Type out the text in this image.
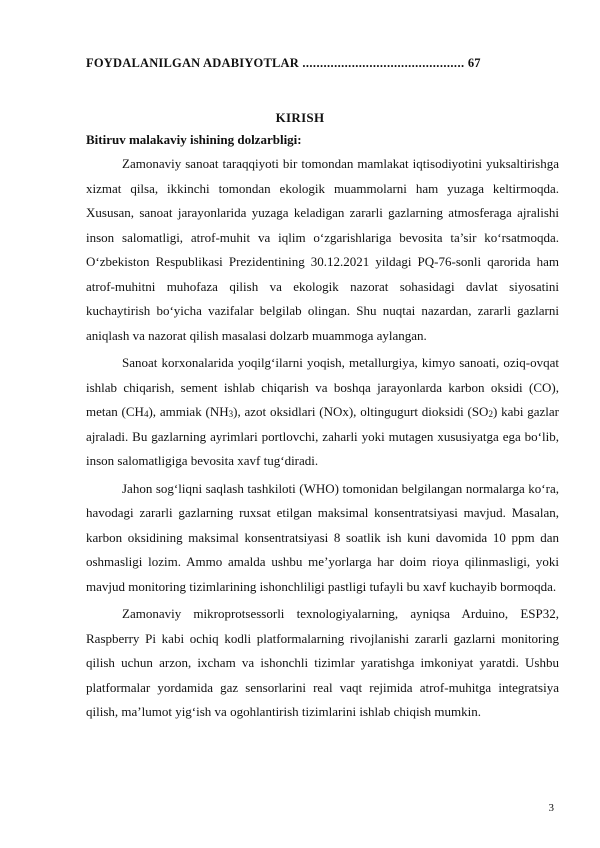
FOYDALANILGAN ADABIYOTLAR .............................................. 67
KIRISH
Bitiruv malakaviy ishining dolzarbligi:

Zamonaviy sanoat taraqqiyoti bir tomondan mamlakat iqtisodiyotini yuksaltirishga xizmat qilsa, ikkinchi tomondan ekologik muammolarni ham yuzaga keltirmoqda. Xususan, sanoat jarayonlarida yuzaga keladigan zararli gazlarning atmosferaga ajralishi inson salomatligi, atrof-muhit va iqlim o‘zgarishlariga bevosita ta’sir ko‘rsatmoqda. O‘zbekiston Respublikasi Prezidentining 30.12.2021 yildagi PQ-76-sonli qarorida ham atrof-muhitni muhofaza qilish va ekologik nazorat sohasidagi davlat siyosatini kuchaytirish bo‘yicha vazifalar belgilab olingan. Shu nuqtai nazardan, zararli gazlarni aniqlash va nazorat qilish masalasi dolzarb muammoga aylangan.

Sanoat korxonalarida yoqilg‘ilarni yoqish, metallurgiya, kimyo sanoati, oziq-ovqat ishlab chiqarish, sement ishlab chiqarish va boshqa jarayonlarda karbon oksidi (CO), metan $(CH_4)$, ammiak $(NH_3)$, azot oksidlari (NOx), oltingugurt dioksidi $(SO_2)$ kabi gazlar ajraladi. Bu gazlarning ayrimlari portlovchi, zaharli yoki mutagen xususiyatga ega bo‘lib, inson salomatligiga bevosita xavf tug‘diradi.

Jahon sog‘liqni saqlash tashkiloti (WHO) tomonidan belgilangan normalarga ko‘ra, havodagi zararli gazlarning ruxsat etilgan maksimal konsentratsiyasi mavjud. Masalan, karbon oksidining maksimal konsentratsiyasi 8 soatlik ish kuni davomida 10 ppm dan oshmasligi lozim. Ammo amalda ushbu me’yorlarga har doim rioya qilinmasligi, yoki mavjud monitoring tizimlarining ishonchliligi pastligi tufayli bu xavf kuchayib bormoqda.

Zamonaviy mikroprotsessorli texnologiyalarning, ayniqsa Arduino, ESP32, Raspberry Pi kabi ochiq kodli platformalarning rivojlanishi zararli gazlarni monitoring qilish uchun arzon, ixcham va ishonchli tizimlar yaratishga imkoniyat yaratdi. Ushbu platformalar yordamida gaz sensorlarini real vaqt rejimida atrof-muhitga integratsiya qilish, ma’lumot yig‘ish va ogohlantirish tizimlarini ishlab chiqish mumkin.

3
